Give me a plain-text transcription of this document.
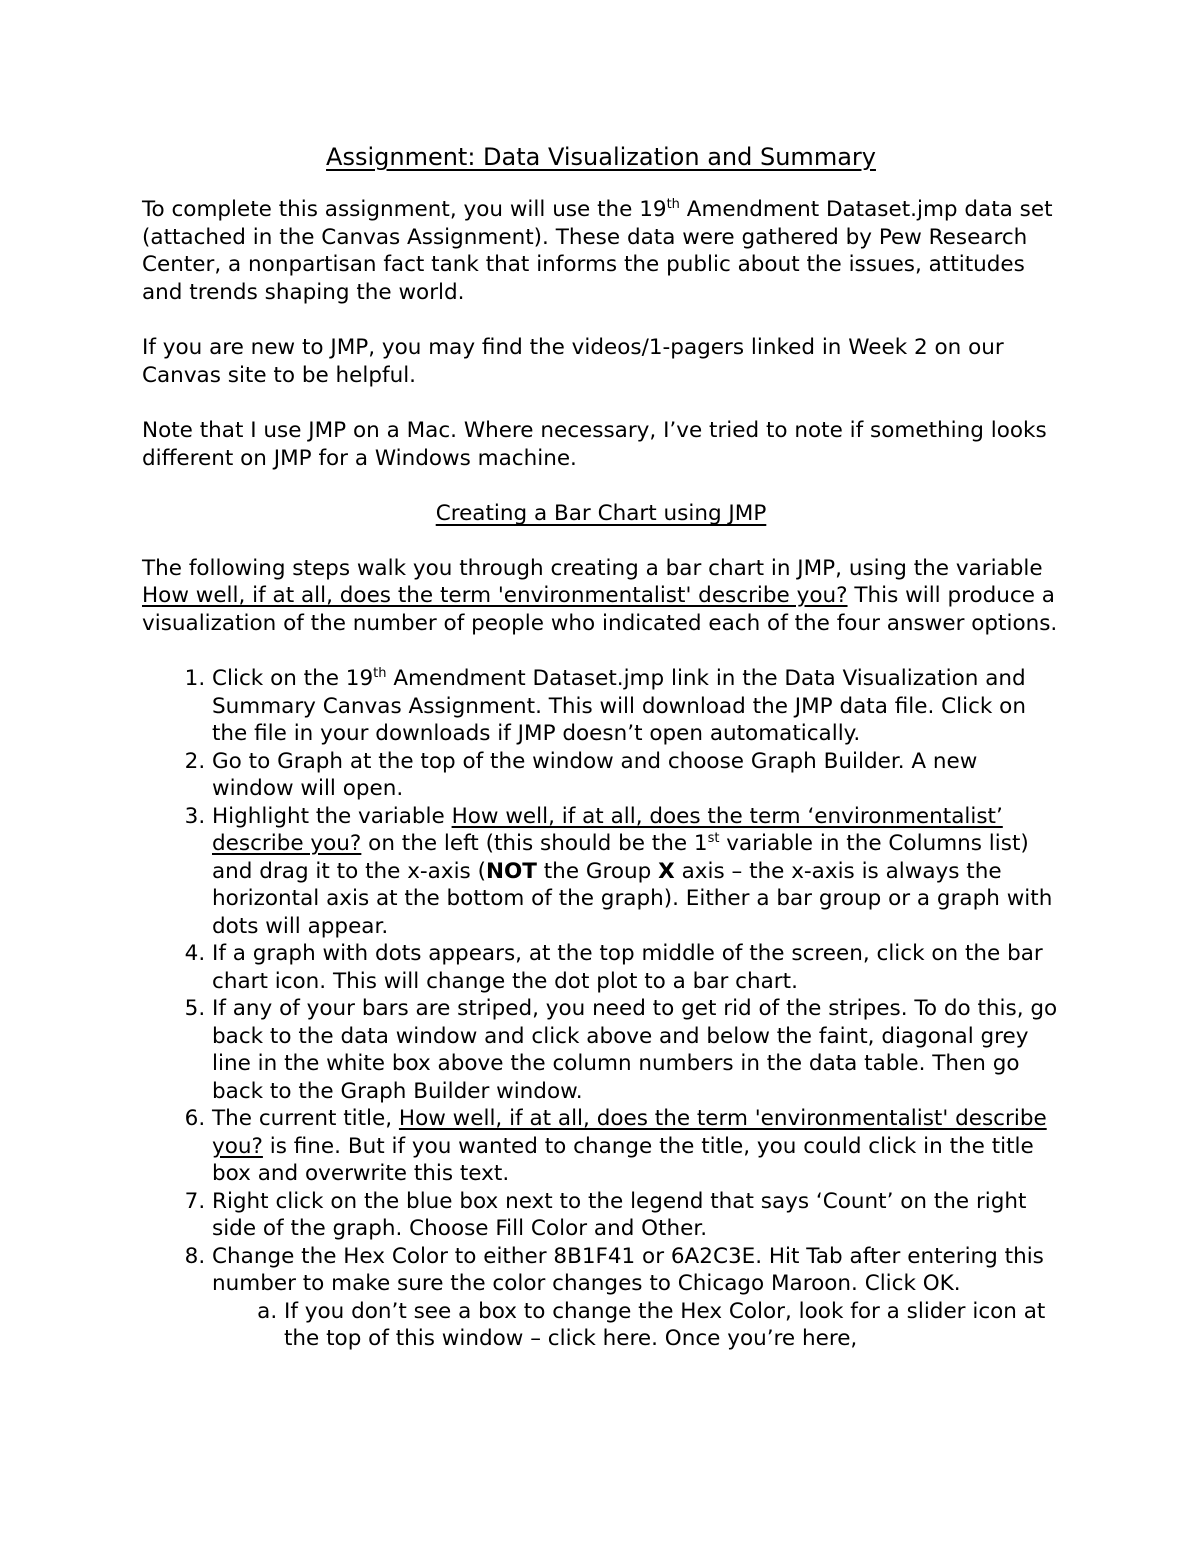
Assignment: Data Visualization and Summary

To complete this assignment, you will use the 19th Amendment Dataset.jmp data set (attached in the Canvas Assignment). These data were gathered by Pew Research Center, a nonpartisan fact tank that informs the public about the issues, attitudes and trends shaping the world.

If you are new to JMP, you may find the videos/1-pagers linked in Week 2 on our Canvas site to be helpful.

Note that I use JMP on a Mac. Where necessary, I’ve tried to note if something looks different on JMP for a Windows machine.

Creating a Bar Chart using JMP

The following steps walk you through creating a bar chart in JMP, using the variable How well, if at all, does the term 'environmentalist' describe you? This will produce a visualization of the number of people who indicated each of the four answer options.

1. Click on the 19th Amendment Dataset.jmp link in the Data Visualization and Summary Canvas Assignment. This will download the JMP data file. Click on the file in your downloads if JMP doesn’t open automatically.
2. Go to Graph at the top of the window and choose Graph Builder. A new window will open.
3. Highlight the variable How well, if at all, does the term ‘environmentalist’ describe you? on the left (this should be the 1st variable in the Columns list) and drag it to the x-axis (NOT the Group X axis – the x-axis is always the horizontal axis at the bottom of the graph). Either a bar group or a graph with dots will appear.
4. If a graph with dots appears, at the top middle of the screen, click on the bar chart icon. This will change the dot plot to a bar chart.
5. If any of your bars are striped, you need to get rid of the stripes. To do this, go back to the data window and click above and below the faint, diagonal grey line in the white box above the column numbers in the data table. Then go back to the Graph Builder window.
6. The current title, How well, if at all, does the term 'environmentalist' describe you? is fine. But if you wanted to change the title, you could click in the title box and overwrite this text.
7. Right click on the blue box next to the legend that says ‘Count’ on the right side of the graph. Choose Fill Color and Other.
8. Change the Hex Color to either 8B1F41 or 6A2C3E. Hit Tab after entering this number to make sure the color changes to Chicago Maroon. Click OK.
a. If you don’t see a box to change the Hex Color, look for a slider icon at the top of this window – click here. Once you’re here,
